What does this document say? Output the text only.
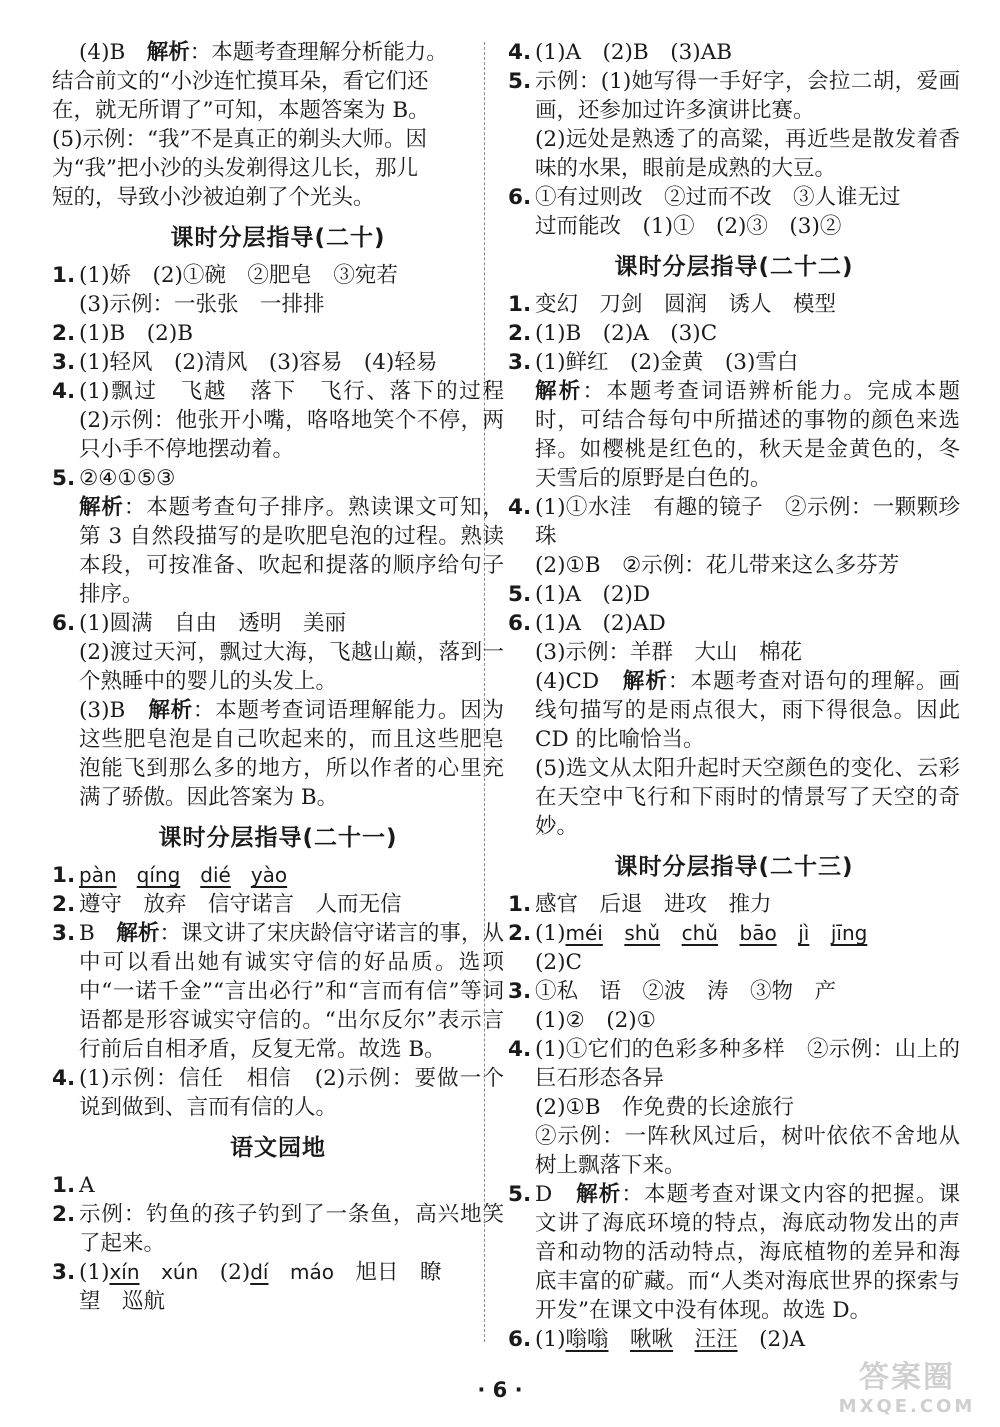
(4)B　 解析：本题考查理解分析能力。
结合前文的“小沙连忙摸耳朵，看它们还
在，就无所谓了”可知，本题答案为 B。
(5)示例：“我”不是真正的剃头大师。因
为“我”把小沙的头发剃得这儿长，那儿
短的，导致小沙被迫剃了个光头。
课时分层指导(二十)
1. (1)娇　(2)①碗　②肥皂　③宛若
(3)示例：一张张　一排排
2. (1)B　(2)B
3. (1)轻风　(2)清风　(3)容易　(4)轻易
4. (1)飘过　飞越　落下　飞行、落下的过程　(2)示例：他张开小嘴，咯咯地笑个不停，两只小手不停地摆动着。
5. ②④①⑤③
解析：本题考查句子排序。熟读课文可知，第 3 自然段描写的是吹肥皂泡的过程。熟读本段，可按准备、吹起和提落的顺序给句子排序。
6. (1)圆满　自由　透明　美丽
(2)渡过天河，飘过大海，飞越山巅，落到一个熟睡中的婴儿的头发上。
(3)B　 解析：本题考查词语理解能力。因为这些肥皂泡是自己吹起来的，而且这些肥皂泡能飞到那么多的地方，所以作者的心里充满了骄傲。因此答案为 B。
课时分层指导(二十一)
1. pàn　 qíng　 dié　 yào
2. 遵守　放弃　信守诺言　人而无信
3. B　 解析：课文讲了宋庆龄信守诺言的事，从中可以看出她有诚实守信的好品质。选项中“一诺千金”“言出必行”和“言而有信”等词语都是形容诚实守信的。“出尔反尔”表示言行前后自相矛盾，反复无常。故选 B。
4. (1)示例：信任　相信　(2)示例：要做一个说到做到、言而有信的人。
语文园地
1. A
2. 示例：钓鱼的孩子钓到了一条鱼，高兴地笑了起来。
3. (1)xín　 xún　 (2)dí　 máo　 旭日　瞭
望　巡航
4. (1)A　(2)B　(3)AB
5. 示例：(1)她写得一手好字，会拉二胡，爱画画，还参加过许多演讲比赛。
(2)远处是熟透了的高粱，再近些是散发着香味的水果，眼前是成熟的大豆。
6. ①有过则改　②过而不改　③人谁无过
过而能改　(1)①　(2)③　(3)②
课时分层指导(二十二)
1. 变幻　刀剑　圆润　诱人　模型
2. (1)B　(2)A　(3)C
3. (1)鲜红　(2)金黄　(3)雪白
解析：本题考查词语辨析能力。完成本题时，可结合每句中所描述的事物的颜色来选择。如樱桃是红色的，秋天是金黄色的，冬天雪后的原野是白色的。
4. (1)①水洼　有趣的镜子　②示例：一颗颗珍珠
(2)①B　②示例：花儿带来这么多芬芳
5. (1)A　(2)D
6. (1)A　(2)AD
(3)示例：羊群　大山　棉花
(4)CD　 解析：本题考查对语句的理解。画线句描写的是雨点很大，雨下得很急。因此 CD 的比喻恰当。
(5)选文从太阳升起时天空颜色的变化、云彩在天空中飞行和下雨时的情景写了天空的奇妙。
课时分层指导(二十三)
1. 感官　后退　进攻　推力
2. (1)méi　 shǔ　 chǔ　 bāo　 jì　 jīng
(2)C
3. ①私　语　②波　涛　③物　产
(1)②　(2)①
4. (1)①它们的色彩多种多样　②示例：山上的巨石形态各异
(2)①B　作免费的长途旅行
②示例：一阵秋风过后，树叶依依不舍地从树上飘落下来。
5. D　 解析：本题考查对课文内容的把握。课文讲了海底环境的特点，海底动物发出的声音和动物的活动特点，海底植物的差异和海底丰富的矿藏。而“人类对海底世界的探索与开发”在课文中没有体现。故选 D。
6. (1)嗡嗡　 啾啾　 汪汪　 (2)A
· 6 ·	答案圈
MXQE.COM
